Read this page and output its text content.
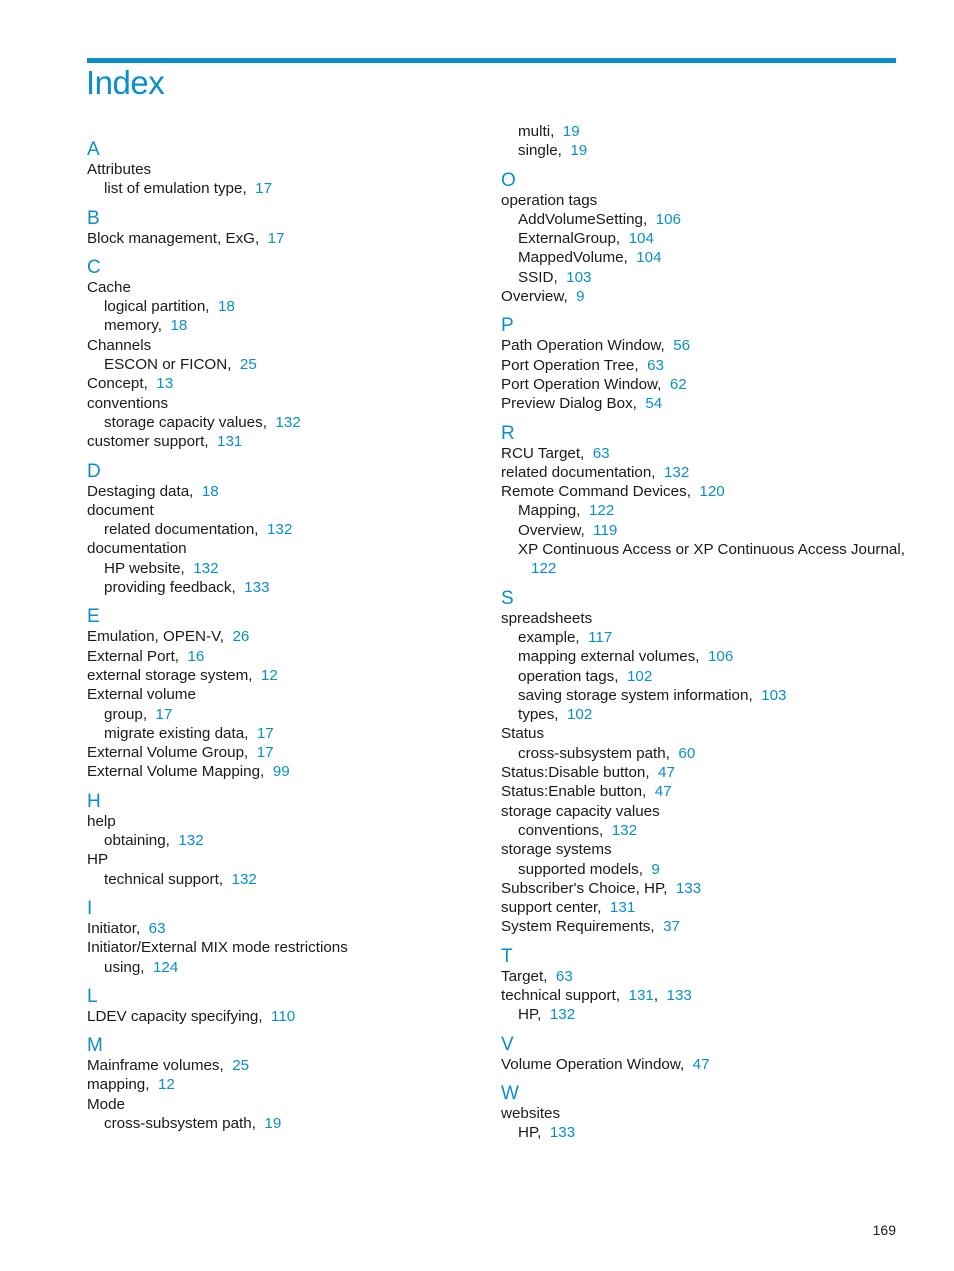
Index
A
Attributes
list of emulation type, 17
B
Block management, ExG, 17
C
Cache
logical partition, 18
memory, 18
Channels
ESCON or FICON, 25
Concept, 13
conventions
storage capacity values, 132
customer support, 131
D
Destaging data, 18
document
related documentation, 132
documentation
HP website, 132
providing feedback, 133
E
Emulation, OPEN-V, 26
External Port, 16
external storage system, 12
External volume
group, 17
migrate existing data, 17
External Volume Group, 17
External Volume Mapping, 99
H
help
obtaining, 132
HP
technical support, 132
I
Initiator, 63
Initiator/External MIX mode restrictions
using, 124
L
LDEV capacity specifying, 110
M
Mainframe volumes, 25
mapping, 12
Mode
cross-subsystem path, 19
multi, 19
single, 19
O
operation tags
AddVolumeSetting, 106
ExternalGroup, 104
MappedVolume, 104
SSID, 103
Overview, 9
P
Path Operation Window, 56
Port Operation Tree, 63
Port Operation Window, 62
Preview Dialog Box, 54
R
RCU Target, 63
related documentation, 132
Remote Command Devices, 120
Mapping, 122
Overview, 119
XP Continuous Access or XP Continuous Access Journal,
122
S
spreadsheets
example, 117
mapping external volumes, 106
operation tags, 102
saving storage system information, 103
types, 102
Status
cross-subsystem path, 60
Status:Disable button, 47
Status:Enable button, 47
storage capacity values
conventions, 132
storage systems
supported models, 9
Subscriber's Choice, HP, 133
support center, 131
System Requirements, 37
T
Target, 63
technical support, 131, 133
HP, 132
V
Volume Operation Window, 47
W
websites
HP, 133
169
